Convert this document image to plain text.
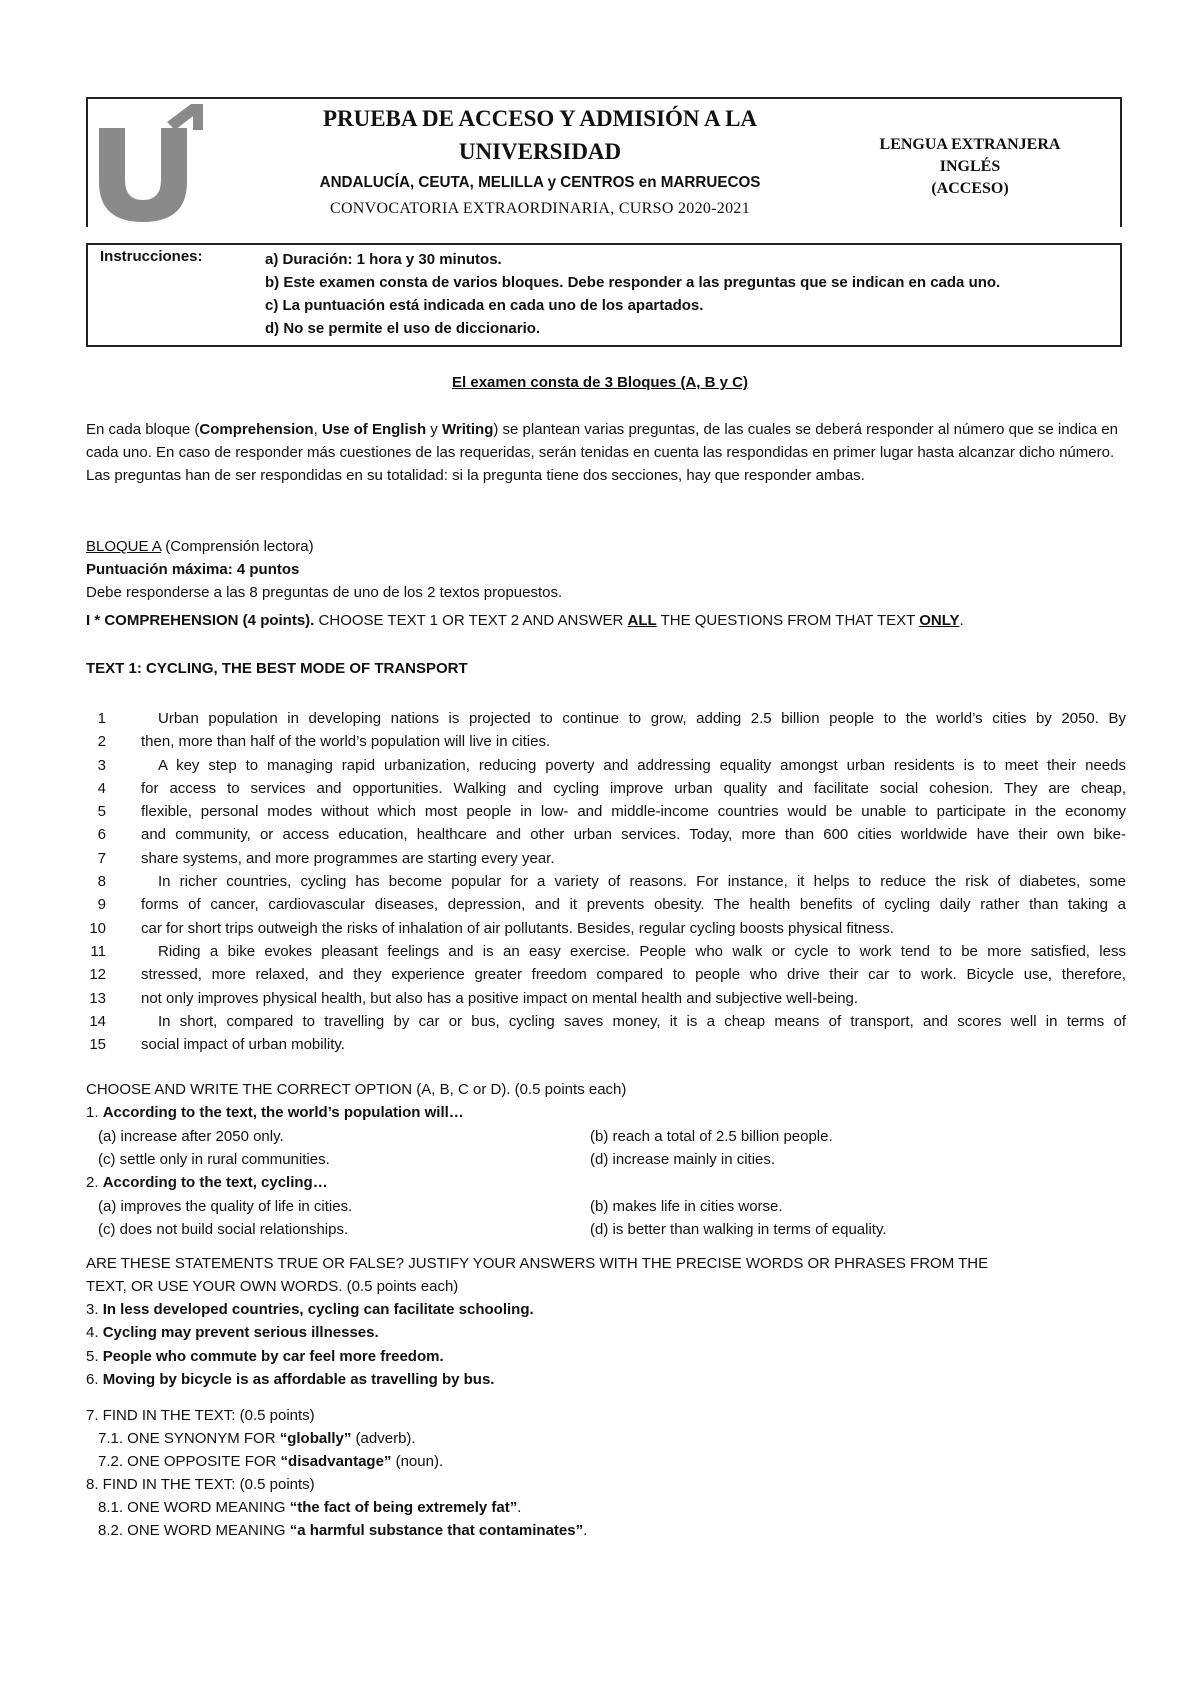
PRUEBA DE ACCESO Y ADMISIÓN A LA
UNIVERSIDAD
ANDALUCÍA, CEUTA, MELILLA y CENTROS en MARRUECOS
CONVOCATORIA EXTRAORDINARIA, CURSO 2020-2021
LENGUA EXTRANJERA
INGLÉS
(ACCESO)
Instrucciones:	a) Duración: 1 hora y 30 minutos.
b) Este examen consta de varios bloques. Debe responder a las preguntas que se indican en cada uno.
c) La puntuación está indicada en cada uno de los apartados.
d) No se permite el uso de diccionario.
El examen consta de 3 Bloques (A, B y C)
En cada bloque (Comprehension, Use of English y Writing) se plantean varias preguntas, de las cuales se deberá responder al número que se indica en cada uno. En caso de responder más cuestiones de las requeridas, serán tenidas en cuenta las respondidas en primer lugar hasta alcanzar dicho número. Las preguntas han de ser respondidas en su totalidad: si la pregunta tiene dos secciones, hay que responder ambas.
BLOQUE A (Comprensión lectora)
Puntuación máxima: 4 puntos
Debe responderse a las 8 preguntas de uno de los 2 textos propuestos.
I * COMPREHENSION (4 points). CHOOSE TEXT 1 OR TEXT 2 AND ANSWER ALL THE QUESTIONS FROM THAT TEXT ONLY.
TEXT 1: CYCLING, THE BEST MODE OF TRANSPORT
1	Urban population in developing nations is projected to continue to grow, adding 2.5 billion people to the world’s cities by 2050. By
2 then, more than half of the world’s population will live in cities.
3	A key step to managing rapid urbanization, reducing poverty and addressing equality amongst urban residents is to meet their needs
4 for access to services and opportunities. Walking and cycling improve urban quality and facilitate social cohesion. They are cheap,
5 flexible, personal modes without which most people in low- and middle-income countries would be unable to participate in the economy
6 and community, or access education, healthcare and other urban services. Today, more than 600 cities worldwide have their own bike-
7 share systems, and more programmes are starting every year.
8	In richer countries, cycling has become popular for a variety of reasons. For instance, it helps to reduce the risk of diabetes, some
9 forms of cancer, cardiovascular diseases, depression, and it prevents obesity. The health benefits of cycling daily rather than taking a
10 car for short trips outweigh the risks of inhalation of air pollutants. Besides, regular cycling boosts physical fitness.
11	Riding a bike evokes pleasant feelings and is an easy exercise. People who walk or cycle to work tend to be more satisfied, less
12 stressed, more relaxed, and they experience greater freedom compared to people who drive their car to work. Bicycle use, therefore,
13 not only improves physical health, but also has a positive impact on mental health and subjective well-being.
14	In short, compared to travelling by car or bus, cycling saves money, it is a cheap means of transport, and scores well in terms of
15 social impact of urban mobility.
CHOOSE AND WRITE THE CORRECT OPTION (A, B, C or D). (0.5 points each)
1. According to the text, the world’s population will…
(a) increase after 2050 only.	(b) reach a total of 2.5 billion people.
(c) settle only in rural communities.	(d) increase mainly in cities.
2. According to the text, cycling…
(a) improves the quality of life in cities.	(b) makes life in cities worse.
(c) does not build social relationships.	(d) is better than walking in terms of equality.
ARE THESE STATEMENTS TRUE OR FALSE? JUSTIFY YOUR ANSWERS WITH THE PRECISE WORDS OR PHRASES FROM THE
TEXT, OR USE YOUR OWN WORDS. (0.5 points each)
3. In less developed countries, cycling can facilitate schooling.
4. Cycling may prevent serious illnesses.
5. People who commute by car feel more freedom.
6. Moving by bicycle is as affordable as travelling by bus.
7. FIND IN THE TEXT: (0.5 points)
7.1. ONE SYNONYM FOR “globally” (adverb).
7.2. ONE OPPOSITE FOR “disadvantage” (noun).
8. FIND IN THE TEXT: (0.5 points)
8.1. ONE WORD MEANING “the fact of being extremely fat”.
8.2. ONE WORD MEANING “a harmful substance that contaminates”.
